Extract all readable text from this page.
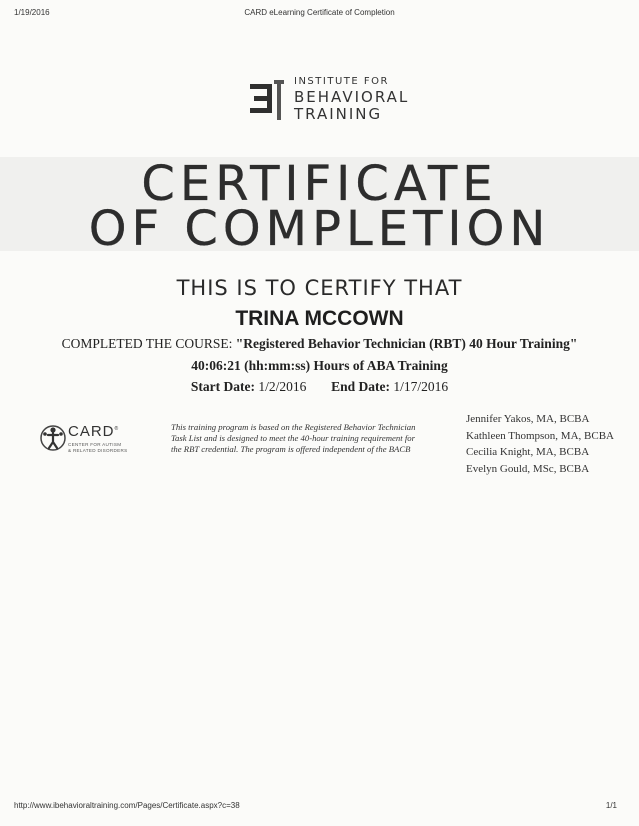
1/19/2016	CARD eLearning Certificate of Completion
INSTITUTE FOR
BEHAVIORAL
TRAINING
CERTIFICATE
OF COMPLETION
THIS IS TO CERTIFY THAT
TRINA MCCOWN
COMPLETED THE COURSE: "Registered Behavior Technician (RBT) 40 Hour Training"
40:06:21 (hh:mm:ss) Hours of ABA Training
Start Date: 1/2/2016 End Date: 1/17/2016
CARD®
CENTER FOR AUTISM
& RELATED DISORDERS
This training program is based on the Registered Behavior Technician
Task List and is designed to meet the 40-hour training requirement for
the RBT credential. The program is offered independent of the BACB
Jennifer Yakos, MA, BCBA
Kathleen Thompson, MA, BCBA
Cecilia Knight, MA, BCBA
Evelyn Gould, MSc, BCBA
http://www.ibehavioraltraining.com/Pages/Certificate.aspx?c=38	1/1
